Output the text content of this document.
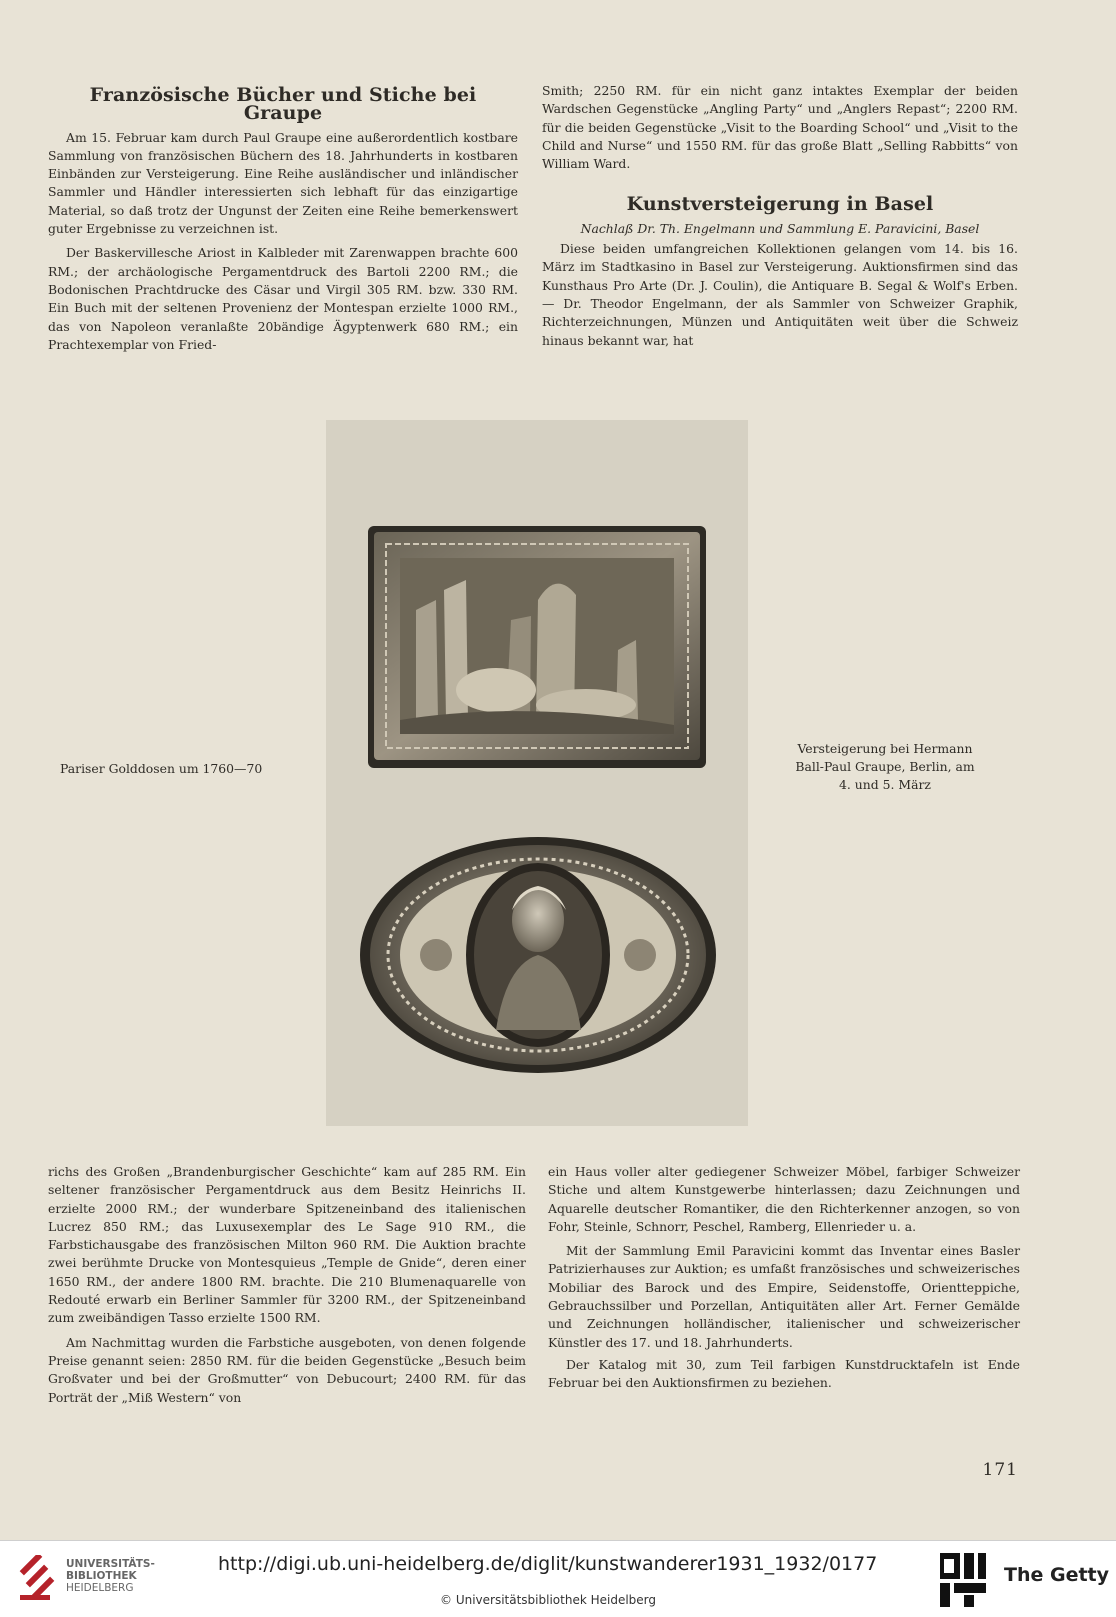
Französische Bücher und Stiche bei Graupe

Am 15. Februar kam durch Paul Graupe eine außerordentlich kostbare Sammlung von französischen Büchern des 18. Jahrhunderts in kostbaren Einbänden zur Versteigerung. Eine Reihe ausländischer und inländischer Sammler und Händler interessierten sich lebhaft für das einzigartige Material, so daß trotz der Ungunst der Zeiten eine Reihe bemerkenswert guter Ergebnisse zu verzeichnen ist.

Der Baskervillesche Ariost in Kalbleder mit Zarenwappen brachte 600 RM.; der archäologische Pergamentdruck des Bartoli 2200 RM.; die Bodonischen Prachtdrucke des Cäsar und Virgil 305 RM. bzw. 330 RM. Ein Buch mit der seltenen Provenienz der Montespan erzielte 1000 RM., das von Napoleon veranlaßte 20bändige Ägyptenwerk 680 RM.; ein Prachtexemplar von Fried-

Smith; 2250 RM. für ein nicht ganz intaktes Exemplar der beiden Wardschen Gegenstücke „Angling Party“ und „Anglers Repast“; 2200 RM. für die beiden Gegenstücke „Visit to the Boarding School“ und „Visit to the Child and Nurse“ und 1550 RM. für das große Blatt „Selling Rabbitts“ von William Ward.

Kunstversteigerung in Basel

Nachlaß Dr. Th. Engelmann und Sammlung E. Paravicini, Basel

Diese beiden umfangreichen Kollektionen gelangen vom 14. bis 16. März im Stadtkasino in Basel zur Versteigerung. Auktionsfirmen sind das Kunsthaus Pro Arte (Dr. J. Coulin), die Antiquare B. Segal & Wolf's Erben. — Dr. Theodor Engelmann, der als Sammler von Schweizer Graphik, Richterzeichnungen, Münzen und Antiquitäten weit über die Schweiz hinaus bekannt war, hat

Pariser Golddosen um 1760—70
Versteigerung bei Hermann
Ball-Paul Graupe, Berlin, am
4. und 5. März

richs des Großen „Brandenburgischer Geschichte“ kam auf 285 RM. Ein seltener französischer Pergamentdruck aus dem Besitz Heinrichs II. erzielte 2000 RM.; der wunderbare Spitzeneinband des italienischen Lucrez 850 RM.; das Luxusexemplar des Le Sage 910 RM., die Farbstichausgabe des französischen Milton 960 RM. Die Auktion brachte zwei berühmte Drucke von Montesquieus „Temple de Gnide“, deren einer 1650 RM., der andere 1800 RM. brachte. Die 210 Blumenaquarelle von Redouté erwarb ein Berliner Sammler für 3200 RM., der Spitzeneinband zum zweibändigen Tasso erzielte 1500 RM.

Am Nachmittag wurden die Farbstiche ausgeboten, von denen folgende Preise genannt seien: 2850 RM. für die beiden Gegenstücke „Besuch beim Großvater und bei der Großmutter“ von Debucourt; 2400 RM. für das Porträt der „Miß Western“ von

ein Haus voller alter gediegener Schweizer Möbel, farbiger Schweizer Stiche und altem Kunstgewerbe hinterlassen; dazu Zeichnungen und Aquarelle deutscher Romantiker, die den Richterkenner anzogen, so von Fohr, Steinle, Schnorr, Peschel, Ramberg, Ellenrieder u. a.

Mit der Sammlung Emil Paravicini kommt das Inventar eines Basler Patrizierhauses zur Auktion; es umfaßt französisches und schweizerisches Mobiliar des Barock und des Empire, Seidenstoffe, Orientteppiche, Gebrauchssilber und Porzellan, Antiquitäten aller Art. Ferner Gemälde und Zeichnungen holländischer, italienischer und schweizerischer Künstler des 17. und 18. Jahrhunderts.

Der Katalog mit 30, zum Teil farbigen Kunstdrucktafeln ist Ende Februar bei den Auktionsfirmen zu beziehen.

171
UNIVERSITÄTS-
BIBLIOTHEK
HEIDELBERG
http://digi.ub.uni-heidelberg.de/diglit/kunstwanderer1931_1932/0177
© Universitätsbibliothek Heidelberg
The Getty
